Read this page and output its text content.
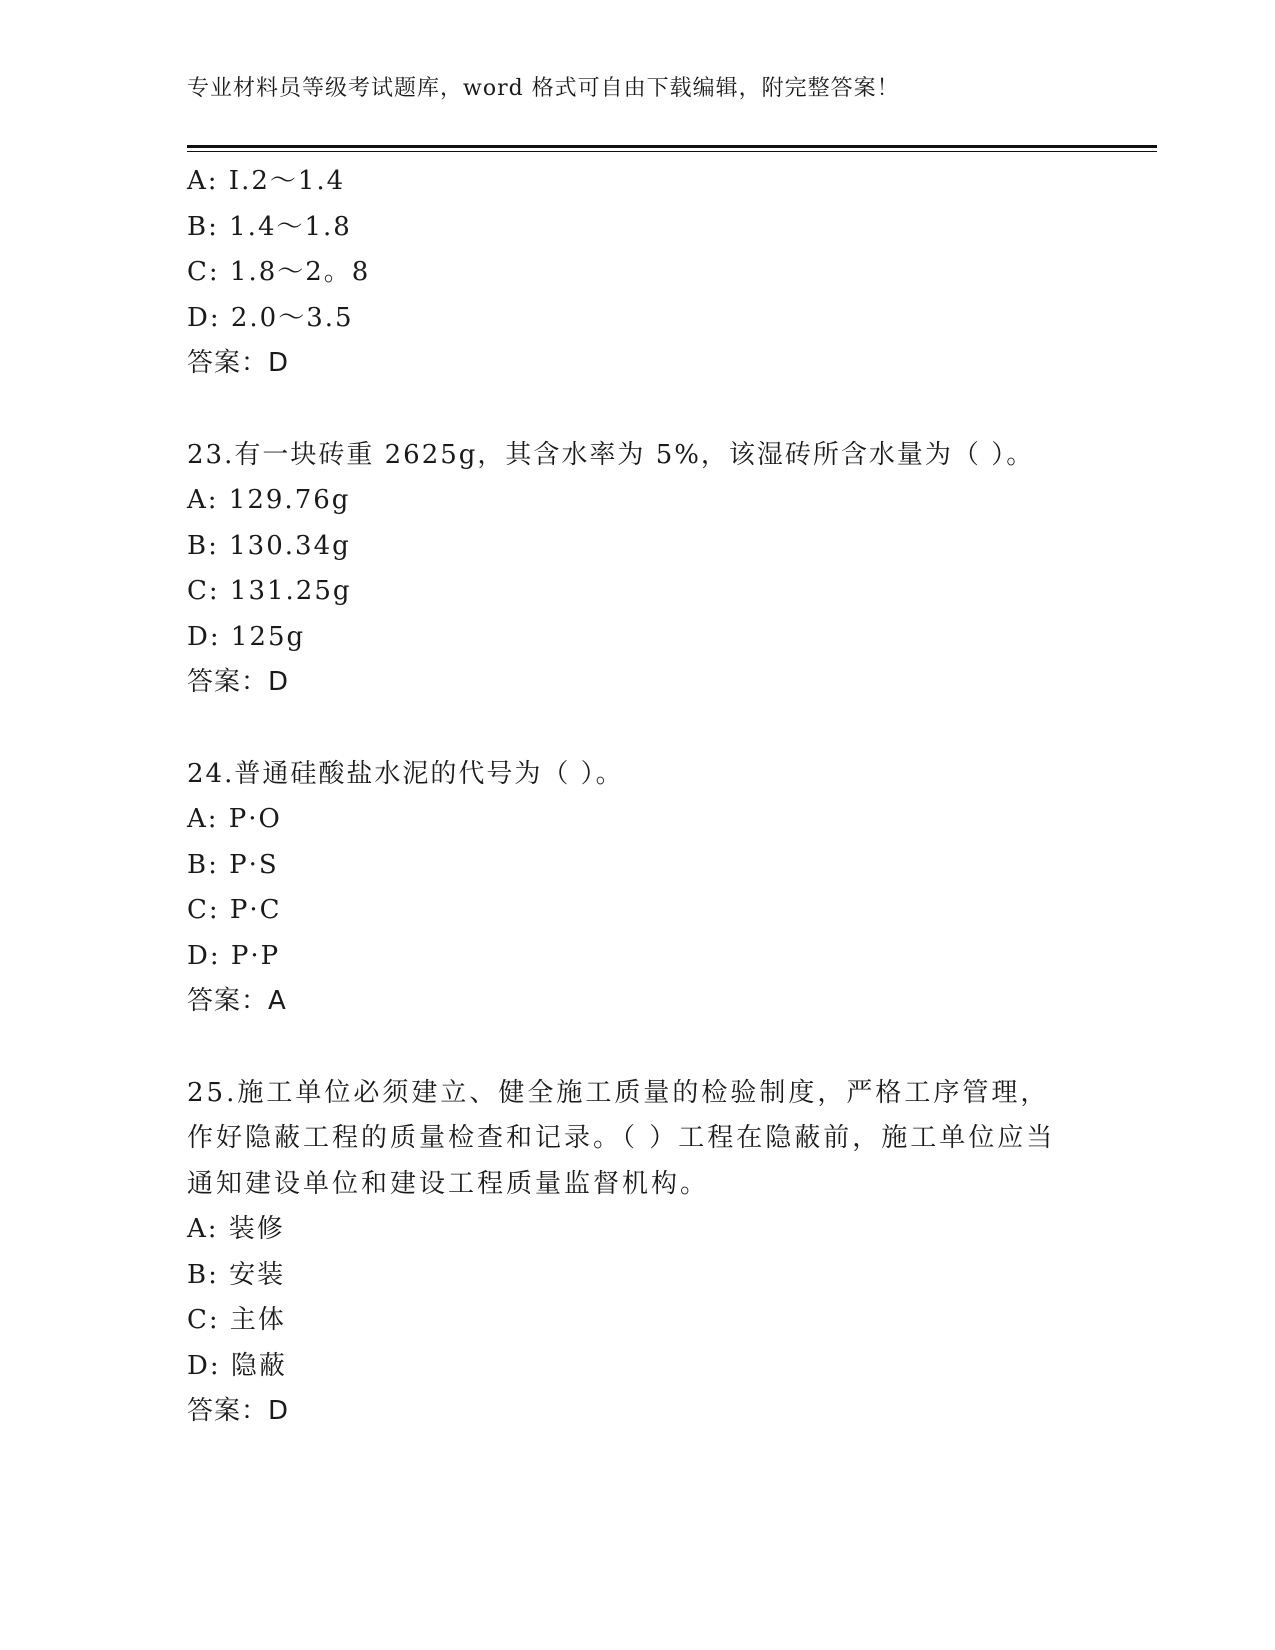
专业材料员等级考试题库，word 格式可自由下载编辑，附完整答案！
A: I.2～1.4
B: 1.4～1.8
C: 1.8～2。8
D: 2.0～3.5
答案：D
23.有一块砖重 2625g，其含水率为 5%，该湿砖所含水量为（ ）。
A: 129.76g
B: 130.34g
C: 131.25g
D: 125g
答案：D
24.普通硅酸盐水泥的代号为（ ）。
A: P·O
B: P·S
C: P·C
D: P·P
答案：A
25.施工单位必须建立、健全施工质量的检验制度，严格工序管理，作好隐蔽工程的质量检查和记录。（ ）工程在隐蔽前，施工单位应当通知建设单位和建设工程质量监督机构。
A: 装修
B: 安装
C: 主体
D: 隐蔽
答案：D
